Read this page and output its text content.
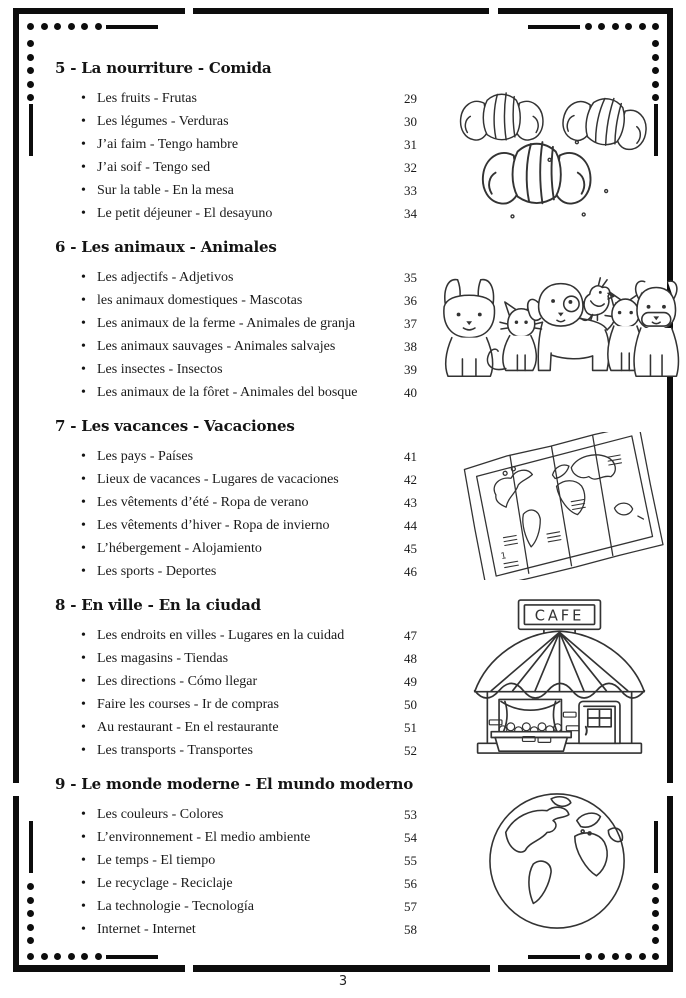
5 - La nourriture - Comida
• Les fruits - Frutas	29
• Les légumes - Verduras	30
• J’ai faim - Tengo hambre	31
• J’ai soif - Tengo sed	32
• Sur la table - En la mesa	33
• Le petit déjeuner - El desayuno	34
6 - Les animaux - Animales
• Les adjectifs - Adjetivos	35
• les animaux domestiques - Mascotas	36
• Les animaux de la ferme - Animales de granja	37
• Les animaux sauvages - Animales salvajes	38
• Les insectes - Insectos	39
• Les animaux de la fôret - Animales del bosque	40
7 - Les vacances - Vacaciones
• Les pays - Países	41
• Lieux de vacances - Lugares de vacaciones	42
• Les vêtements d’été - Ropa de verano	43
• Les vêtements d’hiver - Ropa de invierno	44
• L’hébergement - Alojamiento	45
• Les sports - Deportes	46
8 - En ville - En la ciudad
• Les endroits en villes - Lugares en la cuidad	47
• Les magasins - Tiendas	48
• Les directions - Cómo llegar	49
• Faire les courses - Ir de compras	50
• Au restaurant - En el restaurante	51
• Les transports - Transportes	52
9 - Le monde moderne - El mundo moderno
• Les couleurs - Colores	53
• L’environnement - El medio ambiente	54
• Le temps - El tiempo	55
• Le recyclage - Reciclaje	56
• La technologie - Tecnología	57
• Internet - Internet	58
1
CAFE
3
